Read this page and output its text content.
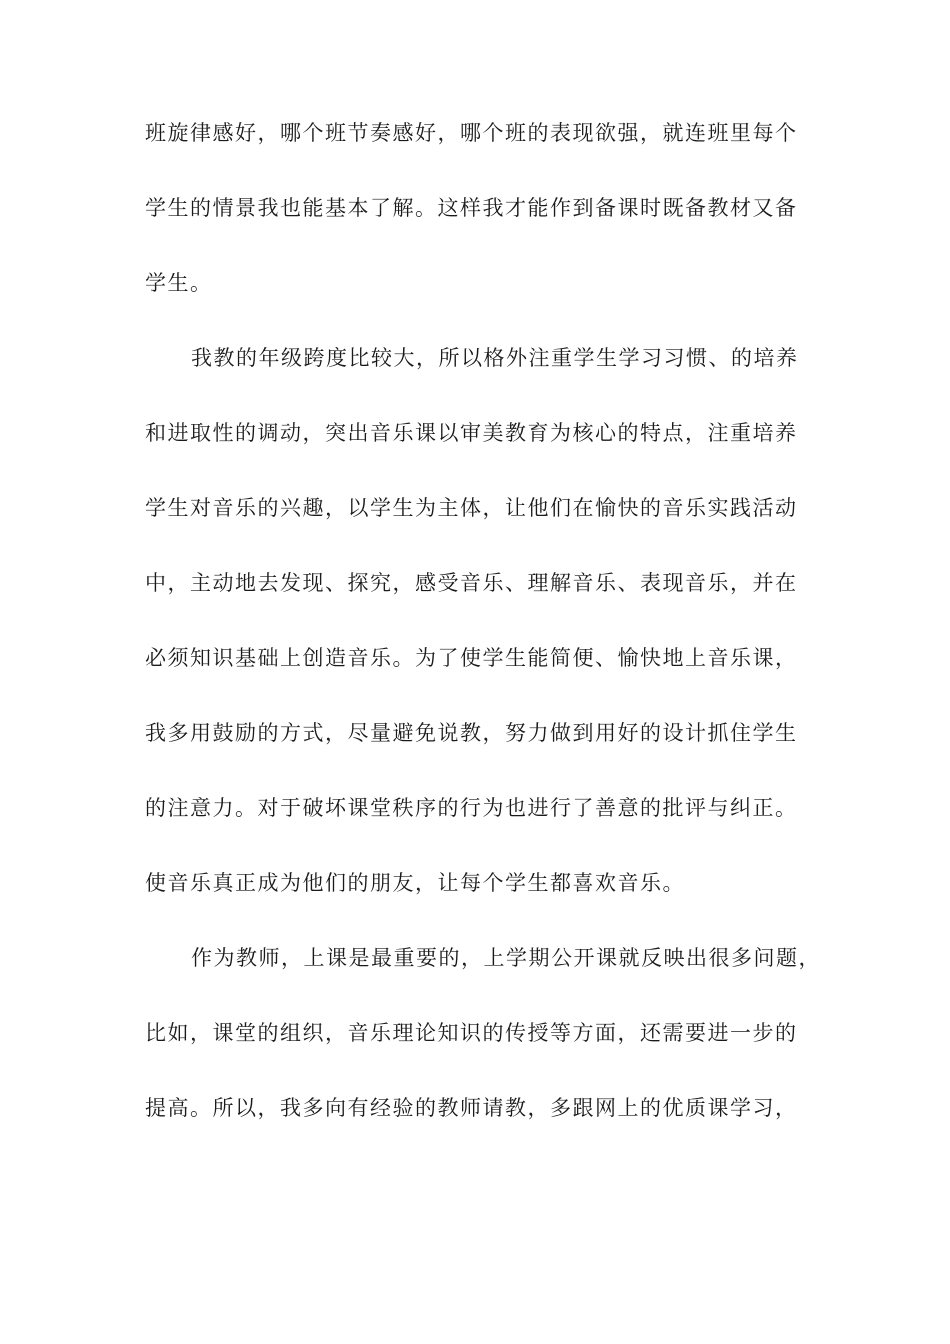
班旋律感好，哪个班节奏感好，哪个班的表现欲强，就连班里每个
学生的情景我也能基本了解。这样我才能作到备课时既备教材又备
学生。
我教的年级跨度比较大，所以格外注重学生学习习惯、的培养
和进取性的调动，突出音乐课以审美教育为核心的特点，注重培养
学生对音乐的兴趣，以学生为主体，让他们在愉快的音乐实践活动
中，主动地去发现、探究，感受音乐、理解音乐、表现音乐，并在
必须知识基础上创造音乐。为了使学生能简便、愉快地上音乐课，
我多用鼓励的方式，尽量避免说教，努力做到用好的设计抓住学生
的注意力。对于破坏课堂秩序的行为也进行了善意的批评与纠正。
使音乐真正成为他们的朋友，让每个学生都喜欢音乐。
作为教师，上课是最重要的，上学期公开课就反映出很多问题，
比如，课堂的组织，音乐理论知识的传授等方面，还需要进一步的
提高。所以，我多向有经验的教师请教，多跟网上的优质课学习，
